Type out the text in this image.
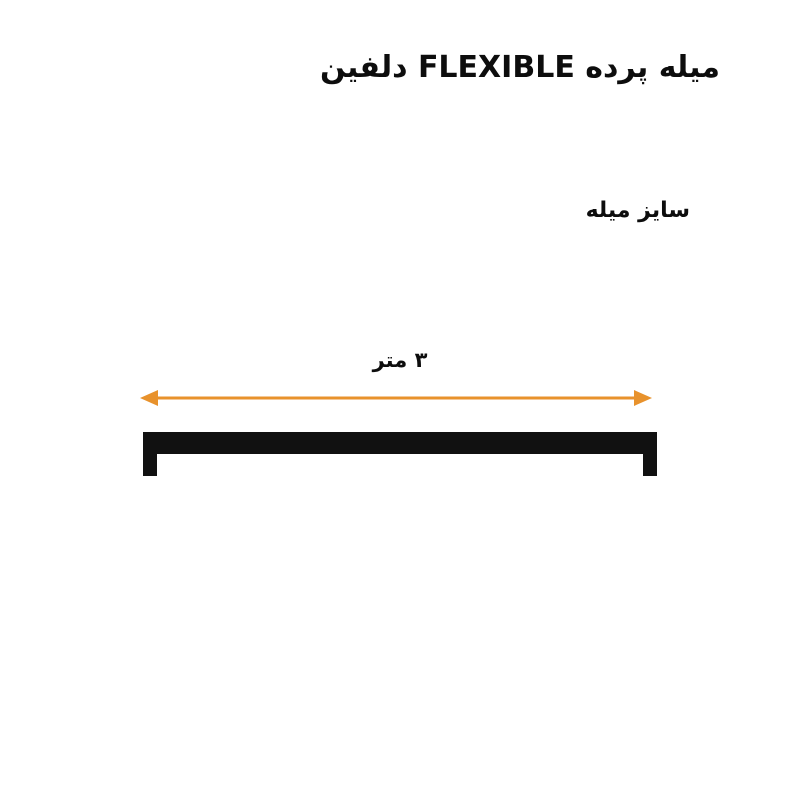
میله پرده FLEXIBLE دلفین
سایز میله
۳ متر
